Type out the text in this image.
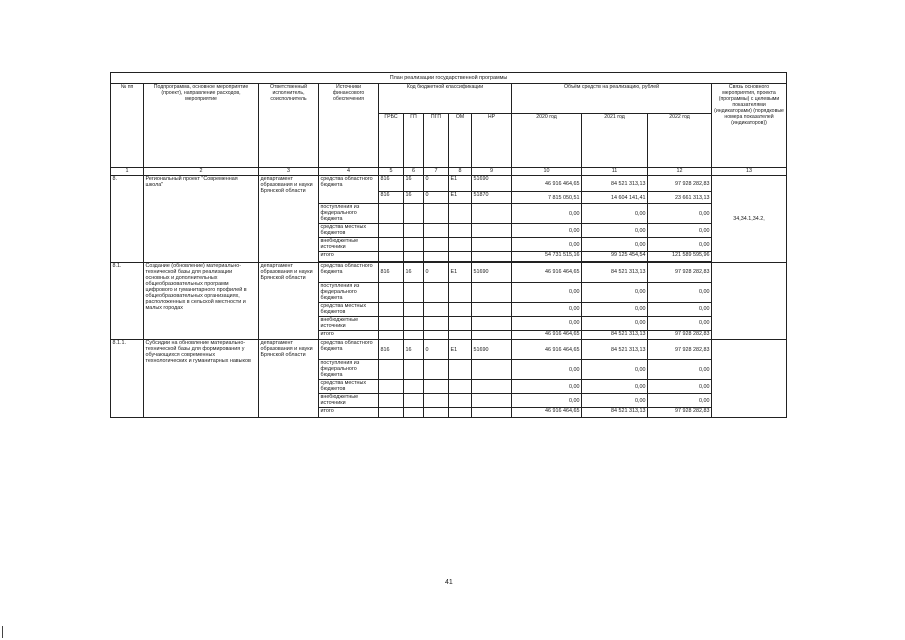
План реализации государственной программы												
№ пп	Подпрограмма, основное мероприятие (проект), направление расходов, мероприятие	Ответственный исполнитель, соисполнитель	Источники финансового обеспечения	Код бюджетной классификации					Объём средств на реализацию, рублей			Связь основного мероприятия, проекта (программы) с целевыми показателями (индикаторами) (порядковые номера показателей (индикаторов))
				ГРБС	ГП	ПГП	ОМ	НР	2020 год	2021 год	2022 год	
1	2	3	4	5	6	7	8	9	10	11	12	13
8.	Региональный проект "Современная школа"	департамент образования и науки Брянской области	средства областного бюджета	816	16	0	Е1	51690	46 916 464,65	84 521 313,13	97 928 282,83	34,34.1,34.2,
				816	16	0	Е1	51870	7 815 050,51	14 604 141,41	23 661 313,13	
			поступления из федерального бюджета						0,00	0,00	0,00	
			средства местных бюджетов						0,00	0,00	0,00	
			внебюджетные источники						0,00	0,00	0,00	
			итого						54 731 515,16	99 125 454,54	121 589 595,96	

8.1.	Создание (обновление) материально-технической базы для реализации основных и дополнительных общеобразовательных программ цифрового и гуманитарного профилей в общеобразовательных организациях, расположенных в сельской местности и малых городах	департамент образования и науки Брянской области	средства областного бюджета	816	16	0	Е1	51690	46 916 464,65	84 521 313,13	97 928 282,83	
			поступления из федерального бюджета						0,00	0,00	0,00	
			средства местных бюджетов						0,00	0,00	0,00	
			внебюджетные источники						0,00	0,00	0,00	
			итого						46 916 464,65	84 521 313,13	97 928 282,83	
8.1.1.	Субсидии на обновление материально-технической базы для формирования у обучающихся современных технологических и гуманитарных навыков	департамент образования и науки Брянской области	средства областного бюджета	816	16	0	Е1	51690	46 916 464,65	84 521 313,13	97 928 282,83	
			поступления из федерального бюджета						0,00	0,00	0,00	
			средства местных бюджетов						0,00	0,00	0,00	
			внебюджетные источники						0,00	0,00	0,00	
			итого						46 916 464,65	84 521 313,13	97 928 282,83	
41
